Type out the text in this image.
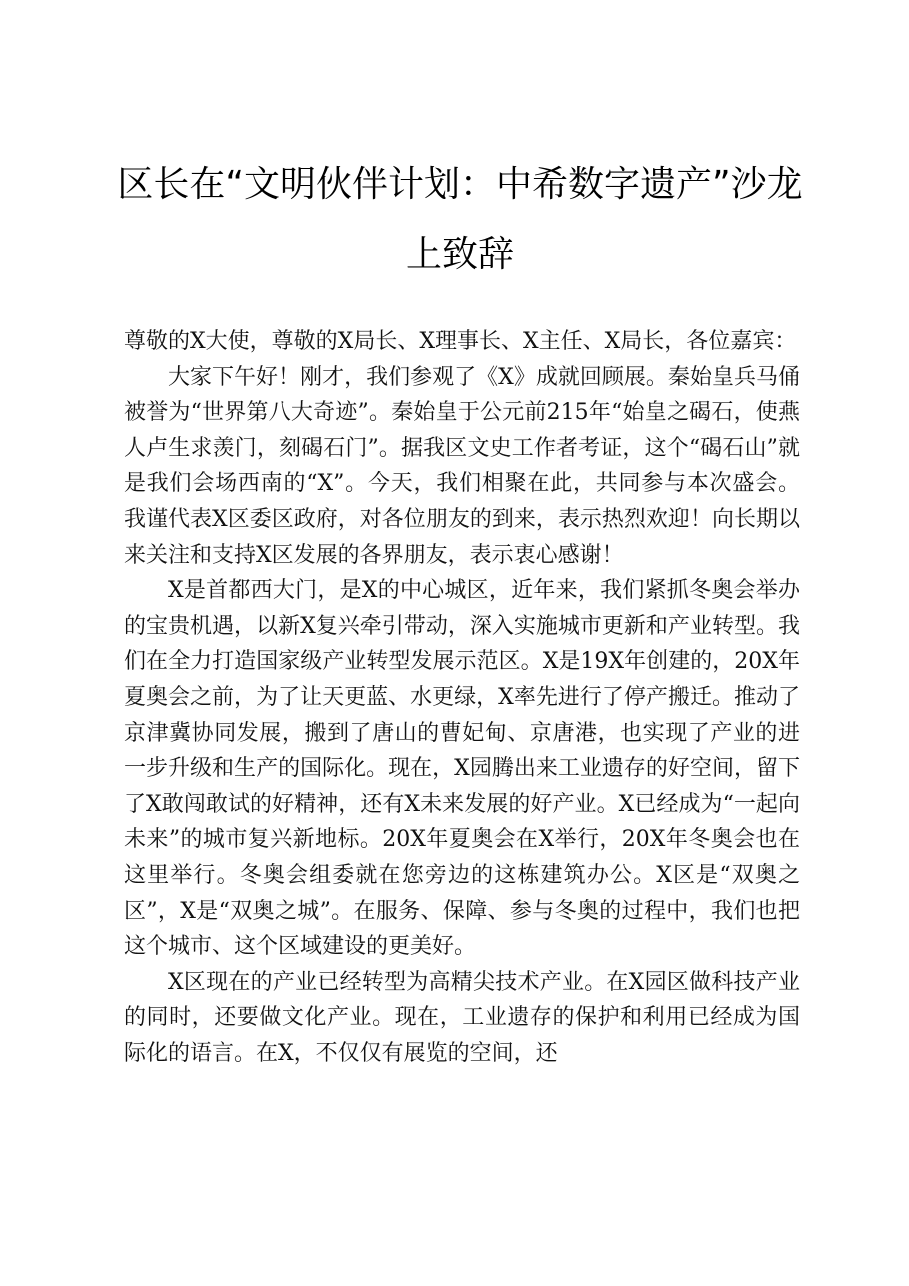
区长在“文明伙伴计划：中希数字遗产”沙龙上致辞

尊敬的X大使，尊敬的X局长、X理事长、X主任、X局长，各位嘉宾：

大家下午好！刚才，我们参观了《X》成就回顾展。秦始皇兵马俑被誉为“世界第八大奇迹”。秦始皇于公元前215年“始皇之碣石，使燕人卢生求羡门，刻碣石门”。据我区文史工作者考证，这个“碣石山”就是我们会场西南的“X”。今天，我们相聚在此，共同参与本次盛会。我谨代表X区委区政府，对各位朋友的到来，表示热烈欢迎！向长期以来关注和支持X区发展的各界朋友，表示衷心感谢！

X是首都西大门，是X的中心城区，近年来，我们紧抓冬奥会举办的宝贵机遇，以新X复兴牵引带动，深入实施城市更新和产业转型。我们在全力打造国家级产业转型发展示范区。X是19X年创建的，20X年夏奥会之前，为了让天更蓝、水更绿，X率先进行了停产搬迁。推动了京津冀协同发展，搬到了唐山的曹妃甸、京唐港，也实现了产业的进一步升级和生产的国际化。现在，X园腾出来工业遗存的好空间，留下了X敢闯敢试的好精神，还有X未来发展的好产业。X已经成为“一起向未来”的城市复兴新地标。20X年夏奥会在X举行，20X年冬奥会也在这里举行。冬奥会组委就在您旁边的这栋建筑办公。X区是“双奥之区”，X是“双奥之城”。在服务、保障、参与冬奥的过程中，我们也把这个城市、这个区域建设的更美好。

X区现在的产业已经转型为高精尖技术产业。在X园区做科技产业的同时，还要做文化产业。现在，工业遗存的保护和利用已经成为国际化的语言。在X，不仅仅有展览的空间，还
